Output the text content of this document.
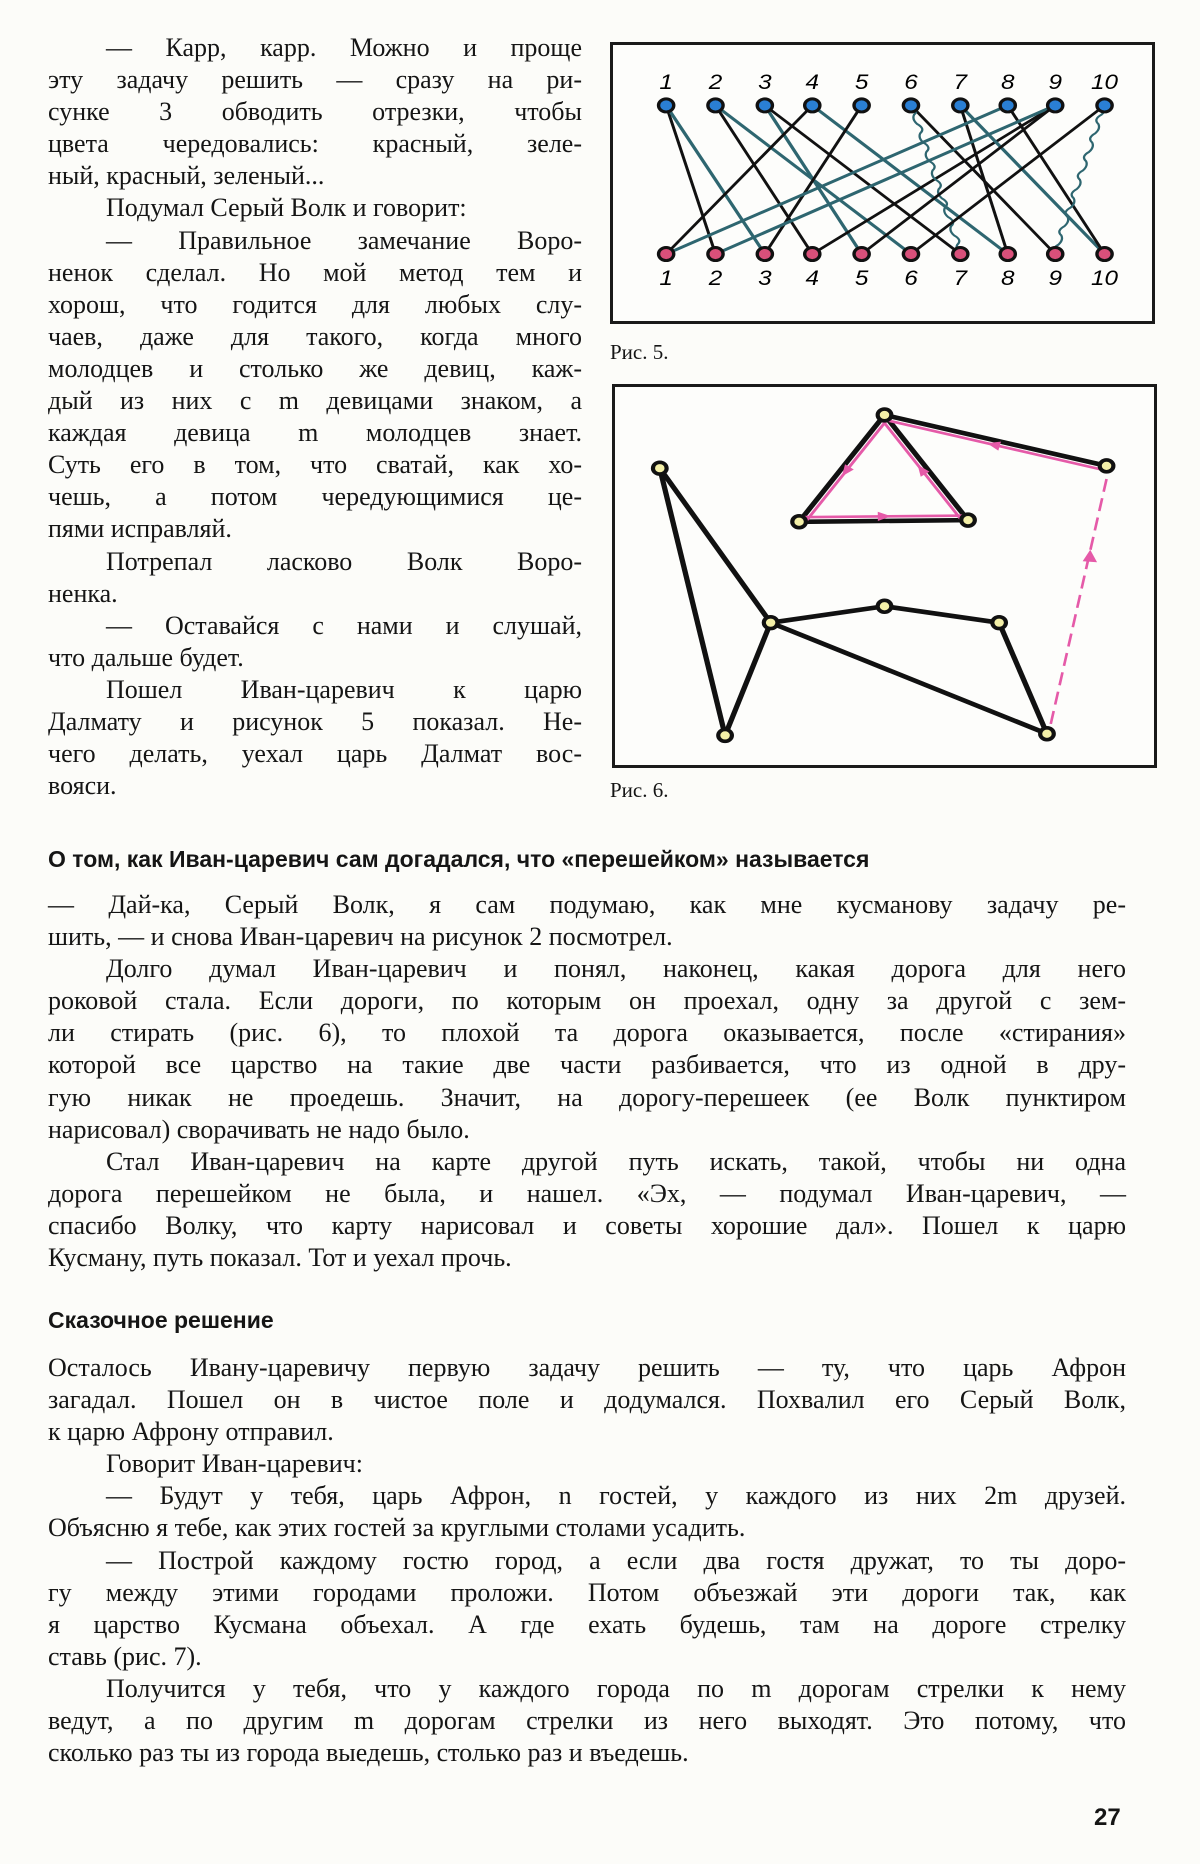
— Карр, карр. Можно и проще
эту задачу решить — сразу на ри-
сунке 3 обводить отрезки, чтобы
цвета чередовались: красный, зеле-
ный, красный, зеленый...
Подумал Серый Волк и говорит:
— Правильное замечание Воро-
ненок сделал. Но мой метод тем и
хорош, что годится для любых слу-
чаев, даже для такого, когда много
молодцев и столько же девиц, каж-
дый из них с m девицами знаком, а
каждая девица m молодцев знает.
Суть его в том, что сватай, как хо-
чешь, а потом чередующимися це-
пями исправляй.
Потрепал ласково Волк Воро-
ненка.
— Оставайся с нами и слушай,
что дальше будет.
Пошел Иван-царевич к царю
Далмату и рисунок 5 показал. Не-
чего делать, уехал царь Далмат вос-
вояси.
1
1
2
2
3
3
4
4
5
5
6
6
7
7
8
8
9
9
10
10
Рис. 5.
Рис. 6.
О том, как Иван-царевич сам догадался, что «перешейком» называется
— Дай-ка, Серый Волк, я сам подумаю, как мне кусманову задачу ре-
шить, — и снова Иван-царевич на рисунок 2 посмотрел.
Долго думал Иван-царевич и понял, наконец, какая дорога для него
роковой стала. Если дороги, по которым он проехал, одну за другой с зем-
ли стирать (рис. 6), то плохой та дорога оказывается, после «стирания»
которой все царство на такие две части разбивается, что из одной в дру-
гую никак не проедешь. Значит, на дорогу-перешеек (ее Волк пунктиром
нарисовал) сворачивать не надо было.
Стал Иван-царевич на карте другой путь искать, такой, чтобы ни одна
дорога перешейком не была, и нашел. «Эх, — подумал Иван-царевич, —
спасибо Волку, что карту нарисовал и советы хорошие дал». Пошел к царю
Кусману, путь показал. Тот и уехал прочь.
Сказочное решение
Осталось Ивану-царевичу первую задачу решить — ту, что царь Афрон
загадал. Пошел он в чистое поле и додумался. Похвалил его Серый Волк,
к царю Афрону отправил.
Говорит Иван-царевич:
— Будут у тебя, царь Афрон, n гостей, у каждого из них 2m друзей.
Объясню я тебе, как этих гостей за круглыми столами усадить.
— Построй каждому гостю город, а если два гостя дружат, то ты доро-
гу между этими городами проложи. Потом объезжай эти дороги так, как
я царство Кусмана объехал. А где ехать будешь, там на дороге стрелку
ставь (рис. 7).
Получится у тебя, что у каждого города по m дорогам стрелки к нему
ведут, а по другим m дорогам стрелки из него выходят. Это потому, что
сколько раз ты из города выедешь, столько раз и въедешь.
27
